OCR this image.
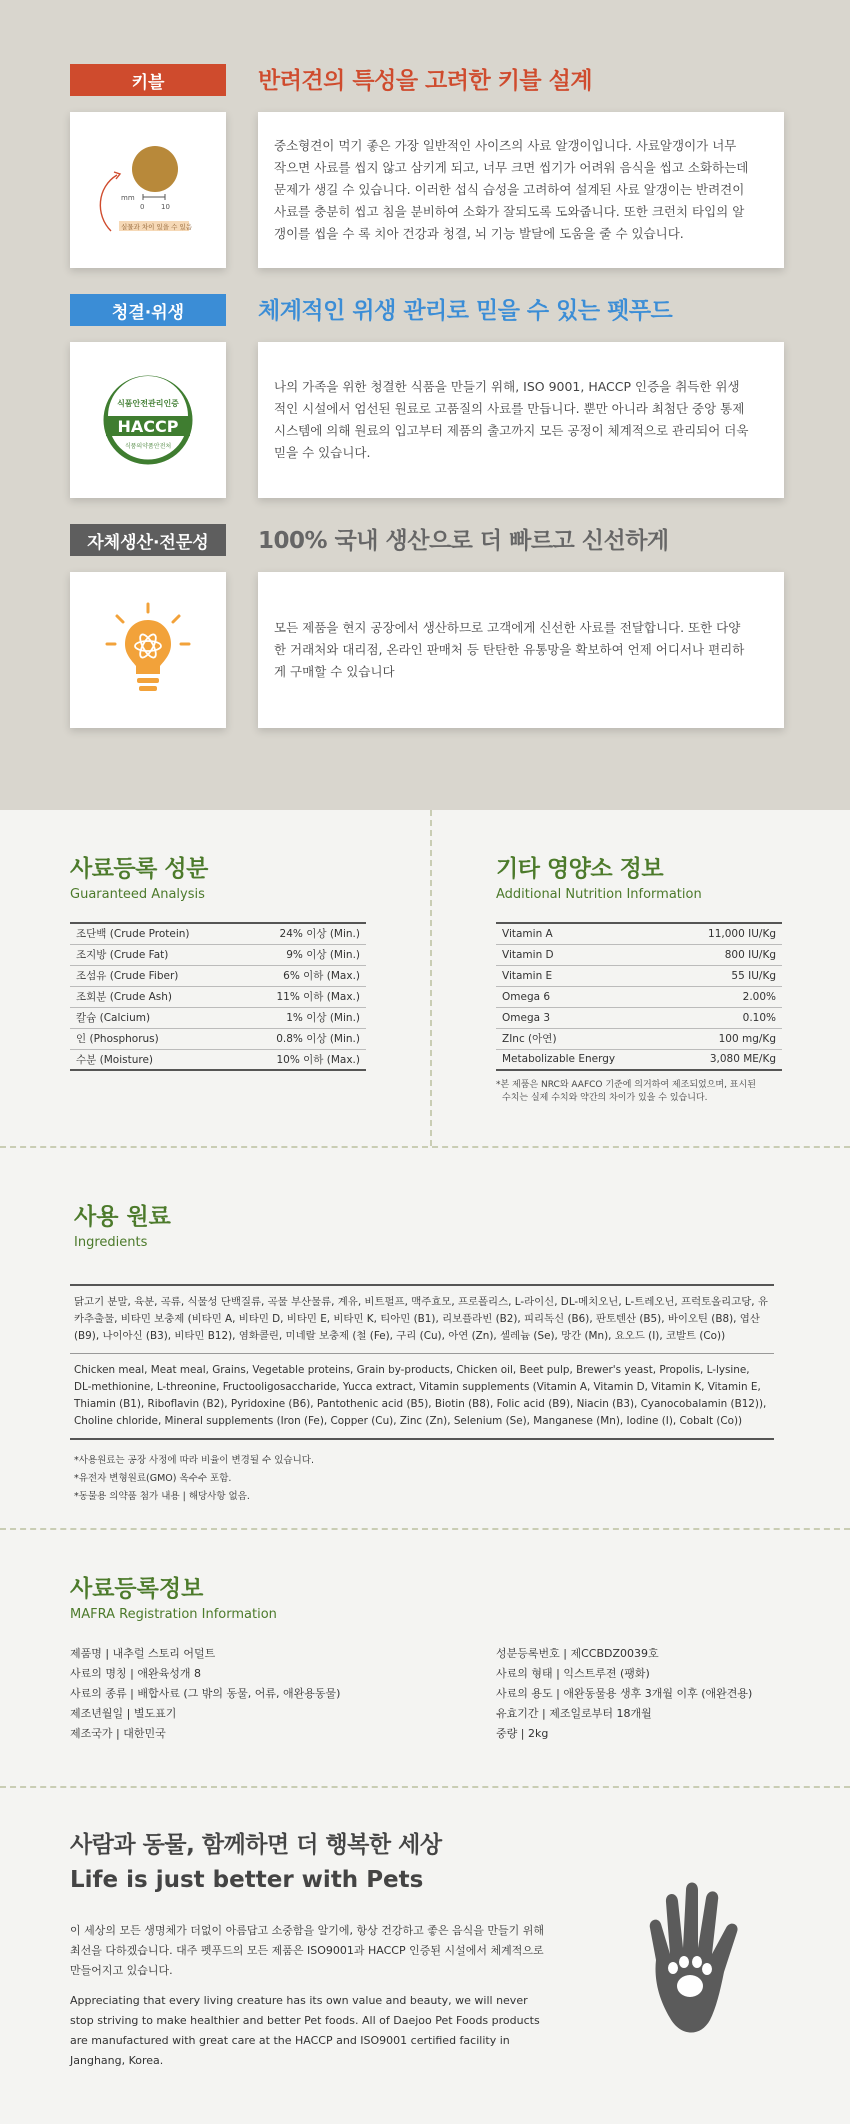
키블	반려견의 특성을 고려한 키블 설계
mm
0 10
실물과 차이 있을 수 있음

중소형견이 먹기 좋은 가장 일반적인 사이즈의 사료 알갱이입니다. 사료알갱이가 너무 작으면 사료를 씹지 않고 삼키게 되고, 너무 크면 씹기가 어려워 음식을 씹고 소화하는데 문제가 생길 수 있습니다. 이러한 섭식 습성을 고려하여 설계된 사료 알갱이는 반려견이 사료를 충분히 씹고 침을 분비하여 소화가 잘되도록 도와줍니다. 또한 크런치 타입의 알갱이를 씹을 수 록 치아 건강과 청결, 뇌 기능 발달에 도움을 줄 수 있습니다.

청결·위생	체계적인 위생 관리로 믿을 수 있는 펫푸드
식품안전관리인증
HACCP
식품의약품안전처

나의 가족을 위한 청결한 식품을 만들기 위해, ISO 9001, HACCP 인증을 취득한 위생적인 시설에서 엄선된 원료로 고품질의 사료를 만듭니다. 뿐만 아니라 최첨단 중앙 통제 시스템에 의해 원료의 입고부터 제품의 출고까지 모든 공정이 체계적으로 관리되어 더욱 믿을 수 있습니다.

자체생산·전문성	100% 국내 생산으로 더 빠르고 신선하게

모든 제품을 현지 공장에서 생산하므로 고객에게 신선한 사료를 전달합니다. 또한 다양한 거래처와 대리점, 온라인 판매처 등 탄탄한 유통망을 확보하여 언제 어디서나 편리하게 구매할 수 있습니다

사료등록 성분
Guaranteed Analysis
조단백 (Crude Protein)	24% 이상 (Min.)
조지방 (Crude Fat)	9% 이상 (Min.)
조섬유 (Crude Fiber)	6% 이하 (Max.)
조회분 (Crude Ash)	11% 이하 (Max.)
칼슘 (Calcium)	1% 이상 (Min.)
인 (Phosphorus)	0.8% 이상 (Min.)
수분 (Moisture)	10% 이하 (Max.)
기타 영양소 정보
Additional Nutrition Information
Vitamin A	11,000 IU/Kg
Vitamin D	800 IU/Kg
Vitamin E	55 IU/Kg
Omega 6	2.00%
Omega 3	0.10%
ZInc (아연)	100 mg/Kg
Metabolizable Energy	3,080 ME/Kg
*본 제품은 NRC와 AAFCO 기준에 의거하여 제조되었으며, 표시된
수치는 실제 수치와 약간의 차이가 있을 수 있습니다.
사용 원료
Ingredients
닭고기 분말, 육분, 곡류, 식물성 단백질류, 곡물 부산물류, 계유, 비트펄프, 맥주효모, 프로폴리스, L-라이신, DL-메치오닌, L-트레오닌, 프럭토올리고당, 유카추출물, 비타민 보충제 (비타민 A, 비타민 D, 비타민 E, 비타민 K, 티아민 (B1), 리보플라빈 (B2), 피리독신 (B6), 판토텐산 (B5), 바이오틴 (B8), 엽산 (B9), 나이아신 (B3), 비타민 B12), 염화콜린, 미네랄 보충제 (철 (Fe), 구리 (Cu), 아연 (Zn), 셀레늄 (Se), 망간 (Mn), 요오드 (I), 코발트 (Co))
Chicken meal, Meat meal, Grains, Vegetable proteins, Grain by-products, Chicken oil, Beet pulp, Brewer's yeast, Propolis, L-lysine, DL-methionine, L-threonine, Fructooligosaccharide, Yucca extract, Vitamin supplements (Vitamin A, Vitamin D, Vitamin K, Vitamin E, Thiamin (B1), Riboflavin (B2), Pyridoxine (B6), Pantothenic acid (B5), Biotin (B8), Folic acid (B9), Niacin (B3), Cyanocobalamin (B12)), Choline chloride, Mineral supplements (Iron (Fe), Copper (Cu), Zinc (Zn), Selenium (Se), Manganese (Mn), Iodine (I), Cobalt (Co))
*사용원료는 공장 사정에 따라 비율이 변경될 수 있습니다.
*유전자 변형원료(GMO) 옥수수 포함.
*동물용 의약품 첨가 내용 | 해당사항 없음.
사료등록정보
MAFRA Registration Information
제품명 | 내추럴 스토리 어덜트
사료의 명칭 | 애완육성개 8
사료의 종류 | 배합사료 (그 밖의 동물, 어류, 애완용동물)
제조년월일 | 별도표기
제조국가 | 대한민국
성분등록번호 | 제CCBDZ0039호
사료의 형태 | 익스트루젼 (팽화)
사료의 용도 | 애완동물용 생후 3개월 이후 (애완견용)
유효기간 | 제조일로부터 18개월
중량 | 2kg
사람과 동물, 함께하면 더 행복한 세상
Life is just better with Pets

이 세상의 모든 생명체가 더없이 아름답고 소중함을 알기에, 항상 건강하고 좋은 음식을 만들기 위해 최선을 다하겠습니다. 대주 펫푸드의 모든 제품은 ISO9001과 HACCP 인증된 시설에서 체계적으로 만들어지고 있습니다.

Appreciating that every living creature has its own value and beauty, we will never stop striving to make healthier and better Pet foods. All of Daejoo Pet Foods products are manufactured with great care at the HACCP and ISO9001 certified facility in Janghang, Korea.
